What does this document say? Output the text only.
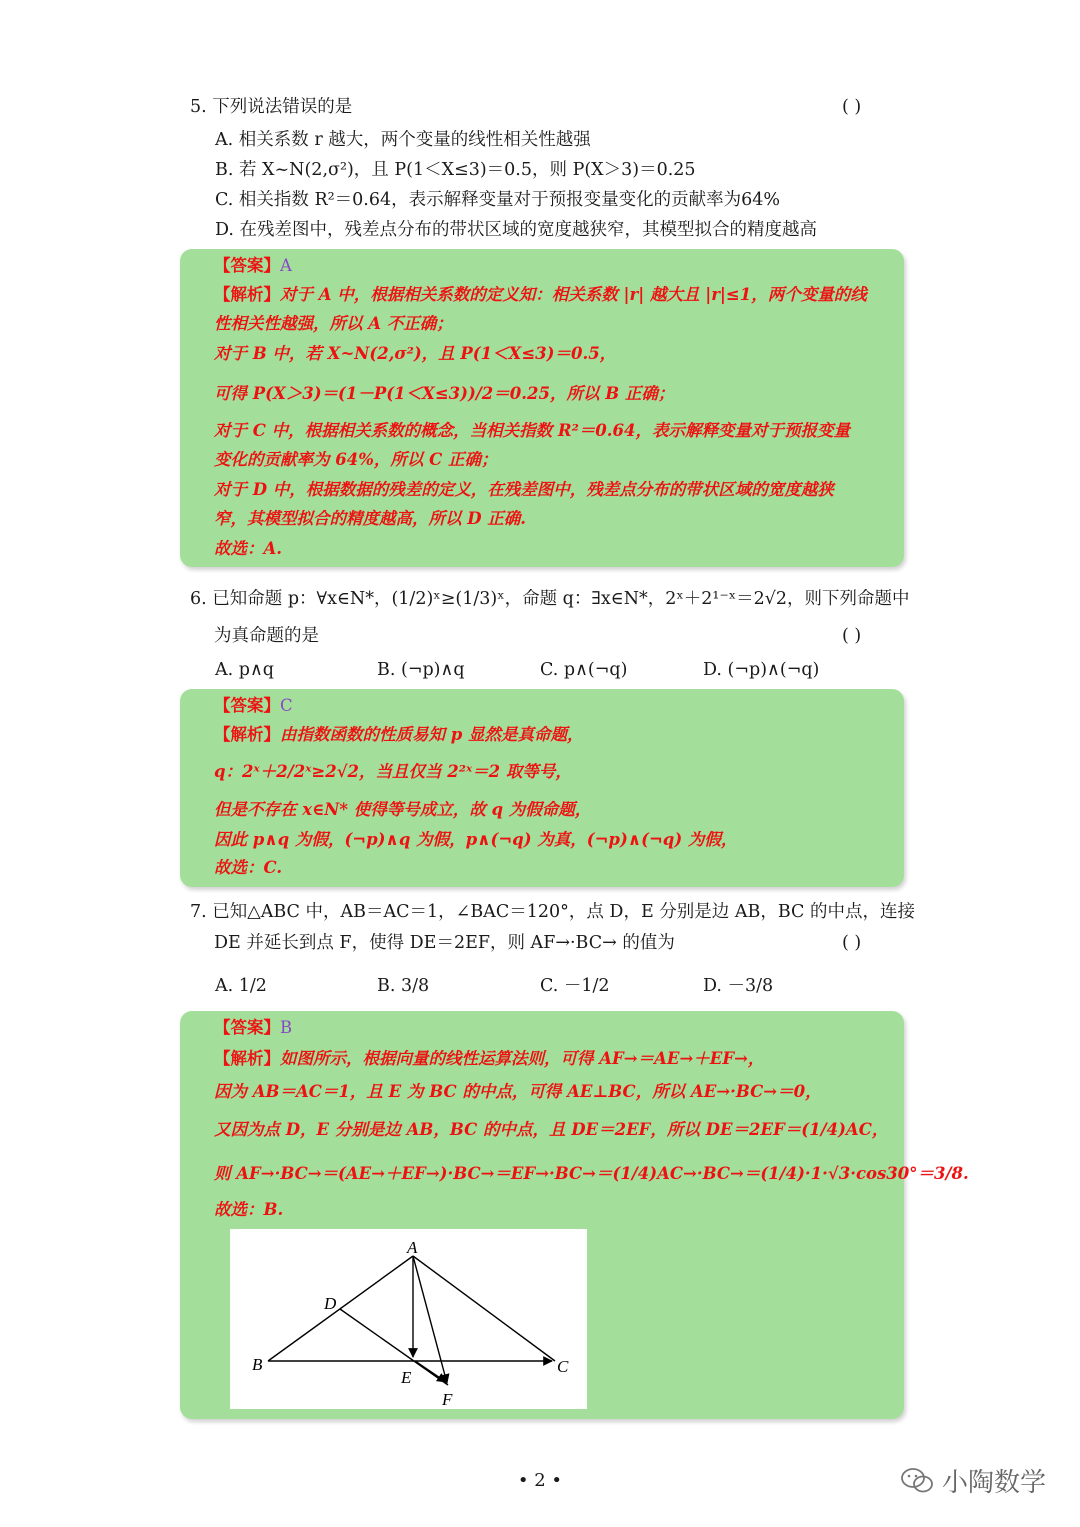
5. 下列说法错误的是	( )
A. 相关系数 r 越大，两个变量的线性相关性越强
B. 若 X~N(2,σ²)，且 P(1＜X≤3)＝0.5，则 P(X＞3)＝0.25
C. 相关指数 R²＝0.64，表示解释变量对于预报变量变化的贡献率为64%
D. 在残差图中，残差点分布的带状区域的宽度越狭窄，其模型拟合的精度越高
【答案】A
【解析】对于 A 中，根据相关系数的定义知：相关系数 |r| 越大且 |r|≤1，两个变量的线
性相关性越强，所以 A 不正确；
对于 B 中，若 X~N(2,σ²)，且 P(1＜X≤3)＝0.5，
可得 P(X＞3)＝(1－P(1＜X≤3))/2＝0.25，所以 B 正确；
对于 C 中，根据相关系数的概念，当相关指数 R²＝0.64，表示解释变量对于预报变量
变化的贡献率为 64%，所以 C 正确；
对于 D 中，根据数据的残差的定义，在残差图中，残差点分布的带状区域的宽度越狭
窄，其模型拟合的精度越高，所以 D 正确.
故选：A.
6. 已知命题 p：∀x∈N*，(1/2)ˣ≥(1/3)ˣ，命题 q：∃x∈N*，2ˣ＋2¹⁻ˣ＝2√2，则下列命题中
为真命题的是	( )
A. p∧q	B. (¬p)∧q	C. p∧(¬q)	D. (¬p)∧(¬q)
【答案】C
【解析】由指数函数的性质易知 p 显然是真命题，
q：2ˣ＋2/2ˣ≥2√2，当且仅当 2²ˣ＝2 取等号，
但是不存在 x∈N* 使得等号成立，故 q 为假命题，
因此 p∧q 为假，(¬p)∧q 为假，p∧(¬q) 为真，(¬p)∧(¬q) 为假，
故选：C.
7. 已知△ABC 中，AB＝AC＝1，∠BAC＝120°，点 D，E 分别是边 AB，BC 的中点，连接
DE 并延长到点 F，使得 DE＝2EF，则 AF→·BC→ 的值为	( )
A. 1/2	B. 3/8	C. －1/2	D. －3/8
【答案】B
【解析】如图所示，根据向量的线性运算法则，可得 AF→＝AE→＋EF→，
因为 AB＝AC＝1，且 E 为 BC 的中点，可得 AE⊥BC，所以 AE→·BC→＝0，
又因为点 D，E 分别是边 AB，BC 的中点，且 DE＝2EF，所以 DE＝2EF＝(1/4)AC，
则 AF→·BC→＝(AE→＋EF→)·BC→＝EF→·BC→＝(1/4)AC→·BC→＝(1/4)·1·√3·cos30°＝3/8.
故选：B.
A
B	C
D
E
F
• 2 •	小陶数学
